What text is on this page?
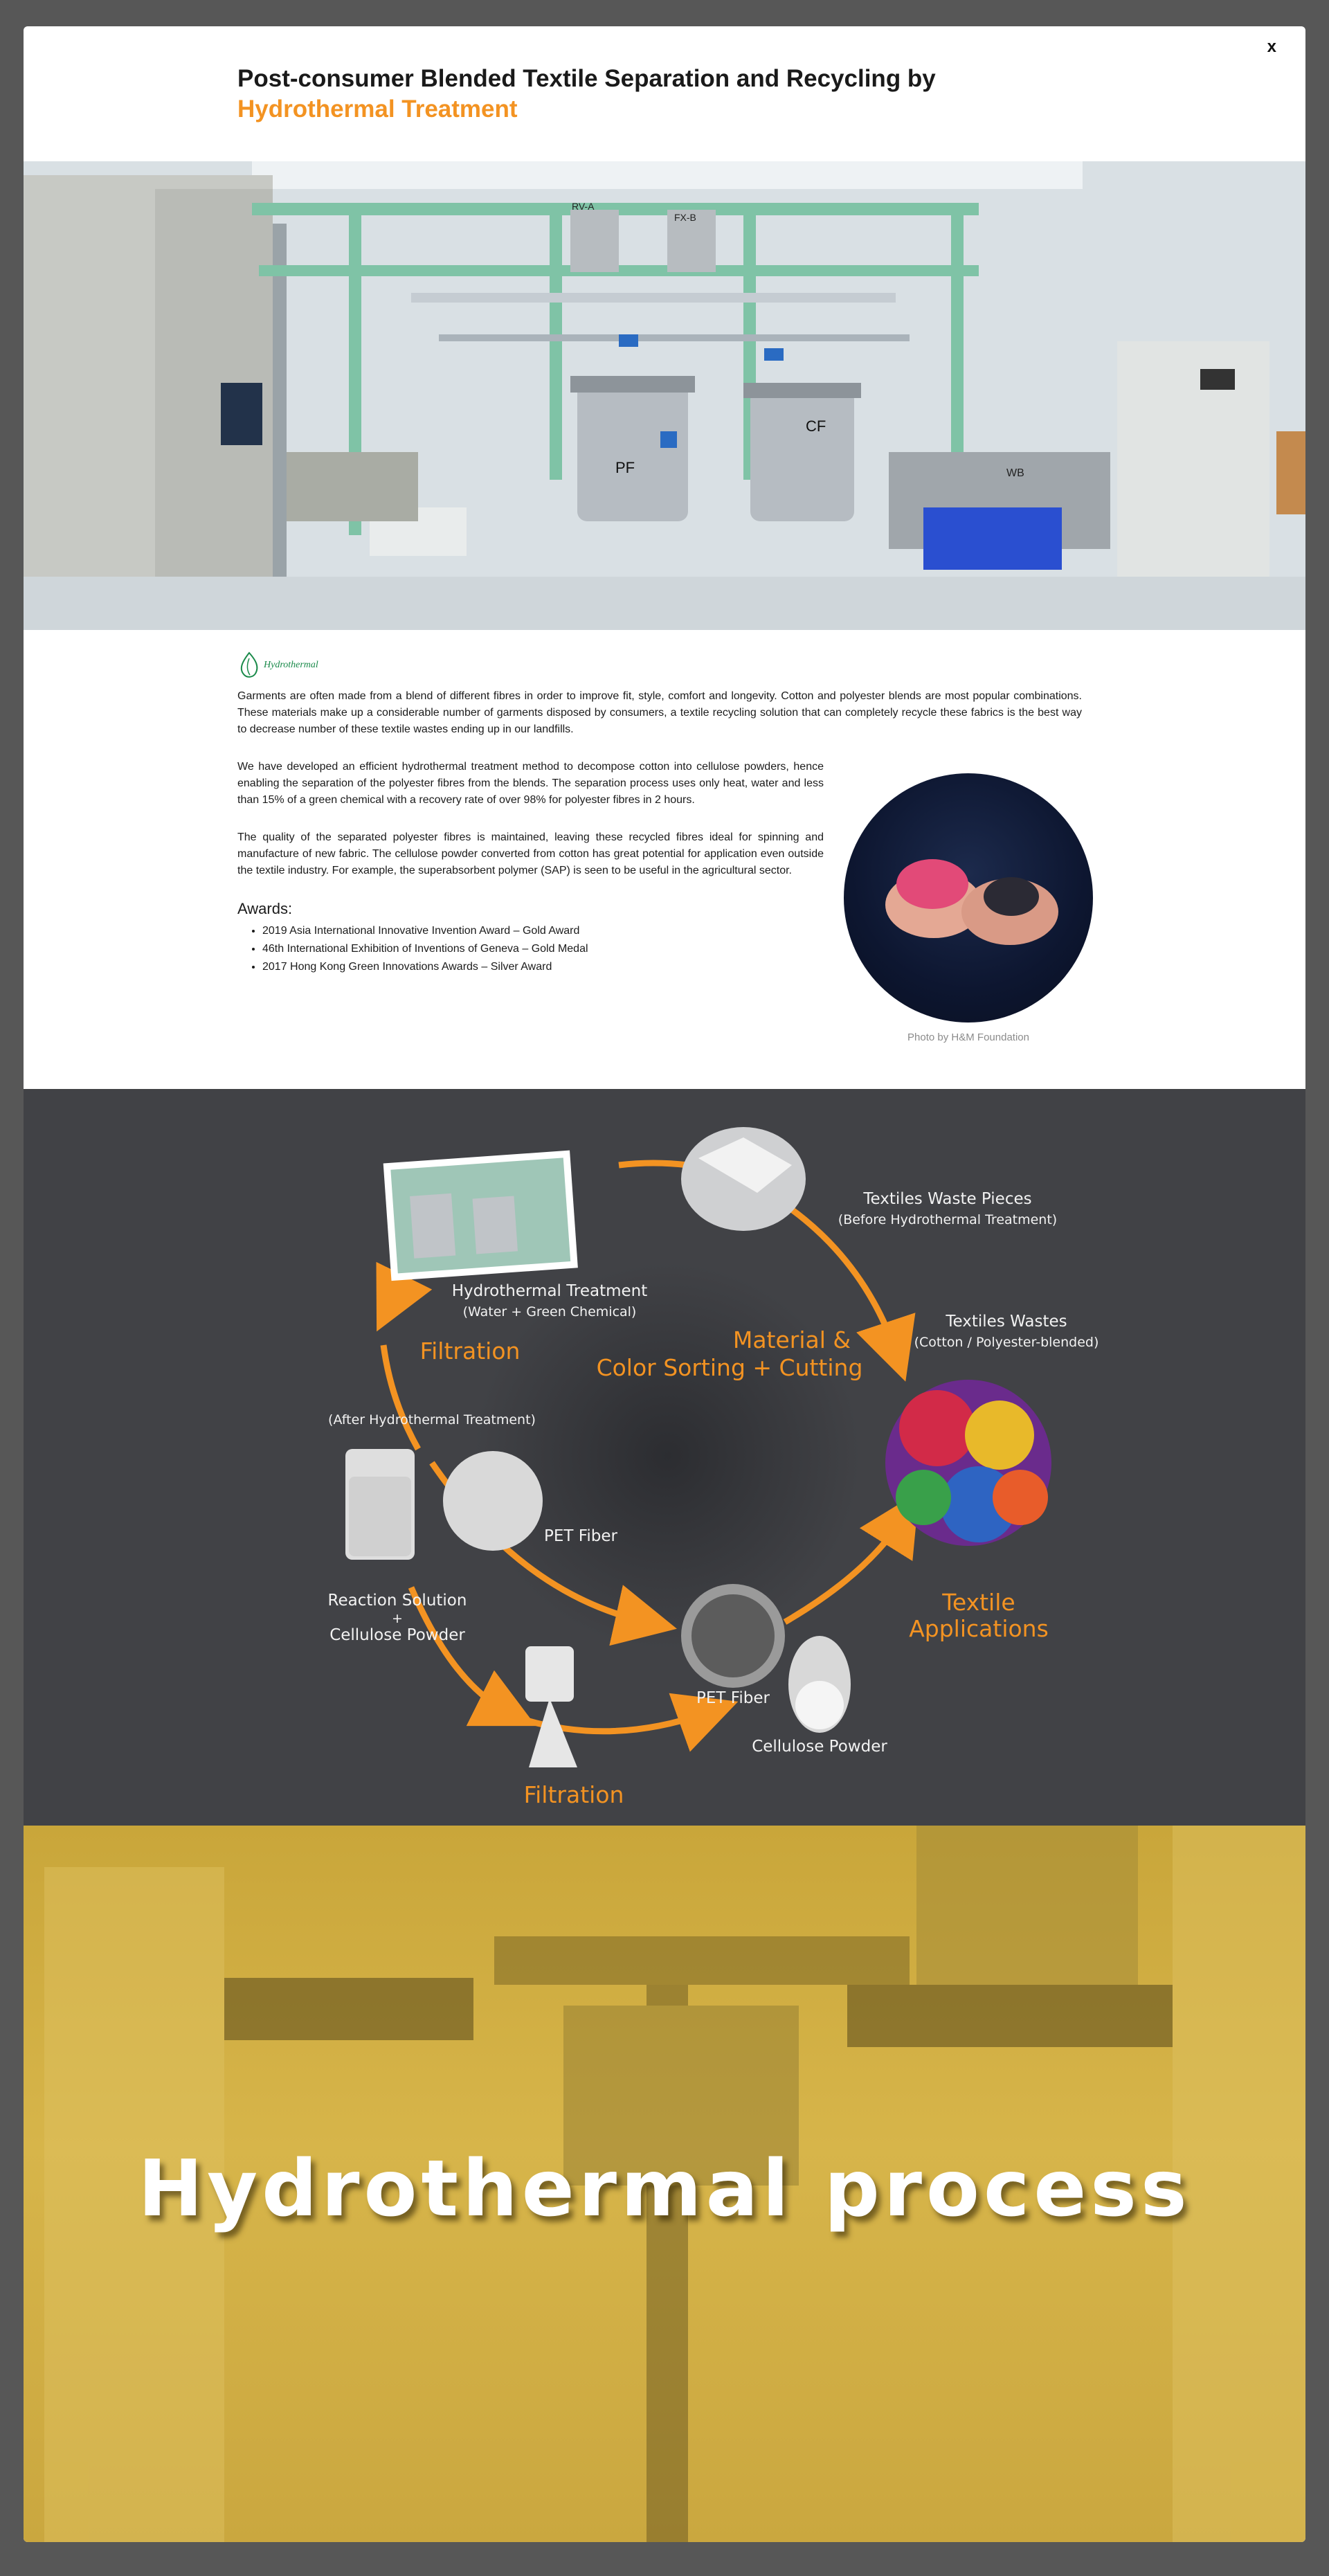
x
Post-consumer Blended Textile Separation and Recycling by
Hydrothermal Treatment
RV-A
FX-B
PF
CF
WB
Hydrothermal

Garments are often made from a blend of different fibres in order to improve fit, style, comfort and longevity. Cotton and polyester blends are most popular combinations. These materials make up a considerable number of garments disposed by consumers, a textile recycling solution that can completely recycle these fabrics is the best way to decrease number of these textile wastes ending up in our landfills.

We have developed an efficient hydrothermal treatment method to decompose cotton into cellulose powders, hence enabling the separation of the polyester fibres from the blends. The separation process uses only heat, water and less than 15% of a green chemical with a recovery rate of over 98% for polyester fibres in 2 hours.

The quality of the separated polyester fibres is maintained, leaving these recycled fibres ideal for spinning and manufacture of new fabric. The cellulose powder converted from cotton has great potential for application even outside the textile industry. For example, the superabsorbent polymer (SAP) is seen to be useful in the agricultural sector.

Awards:
• 2019 Asia International Innovative Invention Award – Gold Award
• 46th International Exhibition of Inventions of Geneva – Gold Medal
• 2017 Hong Kong Green Innovations Awards – Silver Award
Photo by H&M Foundation
Textiles Waste Pieces
(Before Hydrothermal Treatment)
Textiles Wastes
(Cotton / Polyester-blended)
Material &
Color Sorting + Cutting
Hydrothermal Treatment
(Water + Green Chemical)
Filtration
(After Hydrothermal Treatment)
PET Fiber
Reaction Solution
+
Cellulose Powder
PET Fiber
Textile
Applications
Cellulose Powder
Filtration
Hydrothermal process
